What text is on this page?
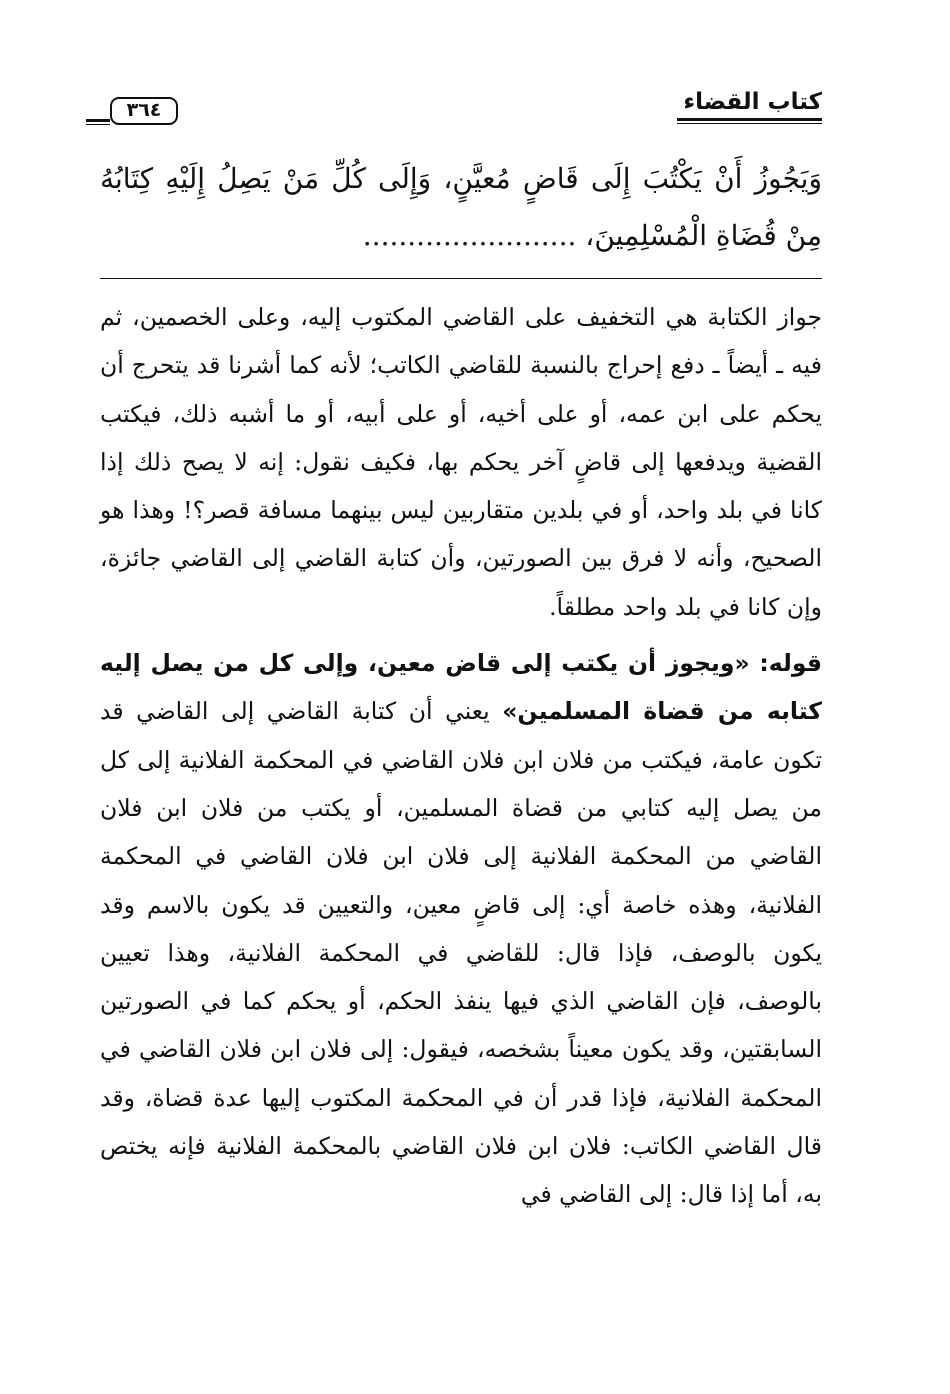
كتاب القضاء
٣٦٤

وَيَجُوزُ أَنْ يَكْتُبَ إِلَى قَاضٍ مُعيَّنٍ، وَإِلَى كُلِّ مَنْ يَصِلُ إِلَيْهِ كِتَابُهُ مِنْ قُضَاةِ الْمُسْلِمِينَ، ........................

جواز الكتابة هي التخفيف على القاضي المكتوب إليه، وعلى الخصمين، ثم فيه ـ أيضاً ـ دفع إحراج بالنسبة للقاضي الكاتب؛ لأنه كما أشرنا قد يتحرج أن يحكم على ابن عمه، أو على أخيه، أو على أبيه، أو ما أشبه ذلك، فيكتب القضية ويدفعها إلى قاضٍ آخر يحكم بها، فكيف نقول: إنه لا يصح ذلك إذا كانا في بلد واحد، أو في بلدين متقاربين ليس بينهما مسافة قصر؟! وهذا هو الصحيح، وأنه لا فرق بين الصورتين، وأن كتابة القاضي إلى القاضي جائزة، وإن كانا في بلد واحد مطلقاً.

قوله: «ويجوز أن يكتب إلى قاض معين، وإلى كل من يصل إليه كتابه من قضاة المسلمين» يعني أن كتابة القاضي إلى القاضي قد تكون عامة، فيكتب من فلان ابن فلان القاضي في المحكمة الفلانية إلى كل من يصل إليه كتابي من قضاة المسلمين، أو يكتب من فلان ابن فلان القاضي من المحكمة الفلانية إلى فلان ابن فلان القاضي في المحكمة الفلانية، وهذه خاصة أي: إلى قاضٍ معين، والتعيين قد يكون بالاسم وقد يكون بالوصف، فإذا قال: للقاضي في المحكمة الفلانية، وهذا تعيين بالوصف، فإن القاضي الذي فيها ينفذ الحكم، أو يحكم كما في الصورتين السابقتين، وقد يكون معيناً بشخصه، فيقول: إلى فلان ابن فلان القاضي في المحكمة الفلانية، فإذا قدر أن في المحكمة المكتوب إليها عدة قضاة، وقد قال القاضي الكاتب: فلان ابن فلان القاضي بالمحكمة الفلانية فإنه يختص به، أما إذا قال: إلى القاضي في
